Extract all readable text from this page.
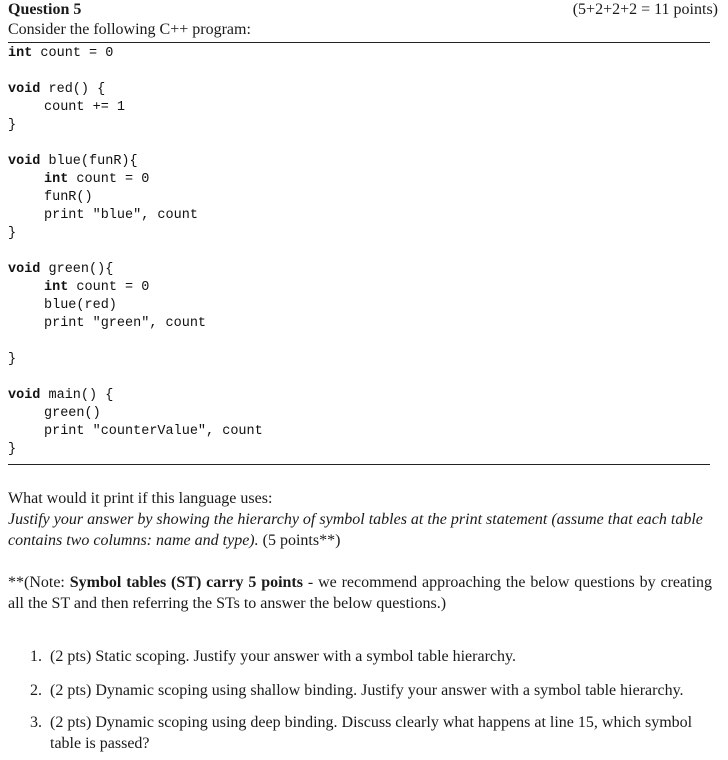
Question 5	(5+2+2+2 = 11 points)
Consider the following C++ program:
int count = 0
void red() {
count += 1
}
void blue(funR){
int count = 0
funR()
print "blue", count
}
void green(){
int count = 0
blue(red)
print "green", count
}
void main() {
green()
print "counterValue", count
}
What would it print if this language uses:
Justify your answer by showing the hierarchy of symbol tables at the print statement (assume that each table contains two columns: name and type). (5 points**)
**(Note: Symbol tables (ST) carry 5 points - we recommend approaching the below questions by creating all the ST and then referring the STs to answer the below questions.)
1. (2 pts) Static scoping. Justify your answer with a symbol table hierarchy.
2. (2 pts) Dynamic scoping using shallow binding. Justify your answer with a symbol table hierarchy.
3. (2 pts) Dynamic scoping using deep binding. Discuss clearly what happens at line 15, which symbol table is passed?
